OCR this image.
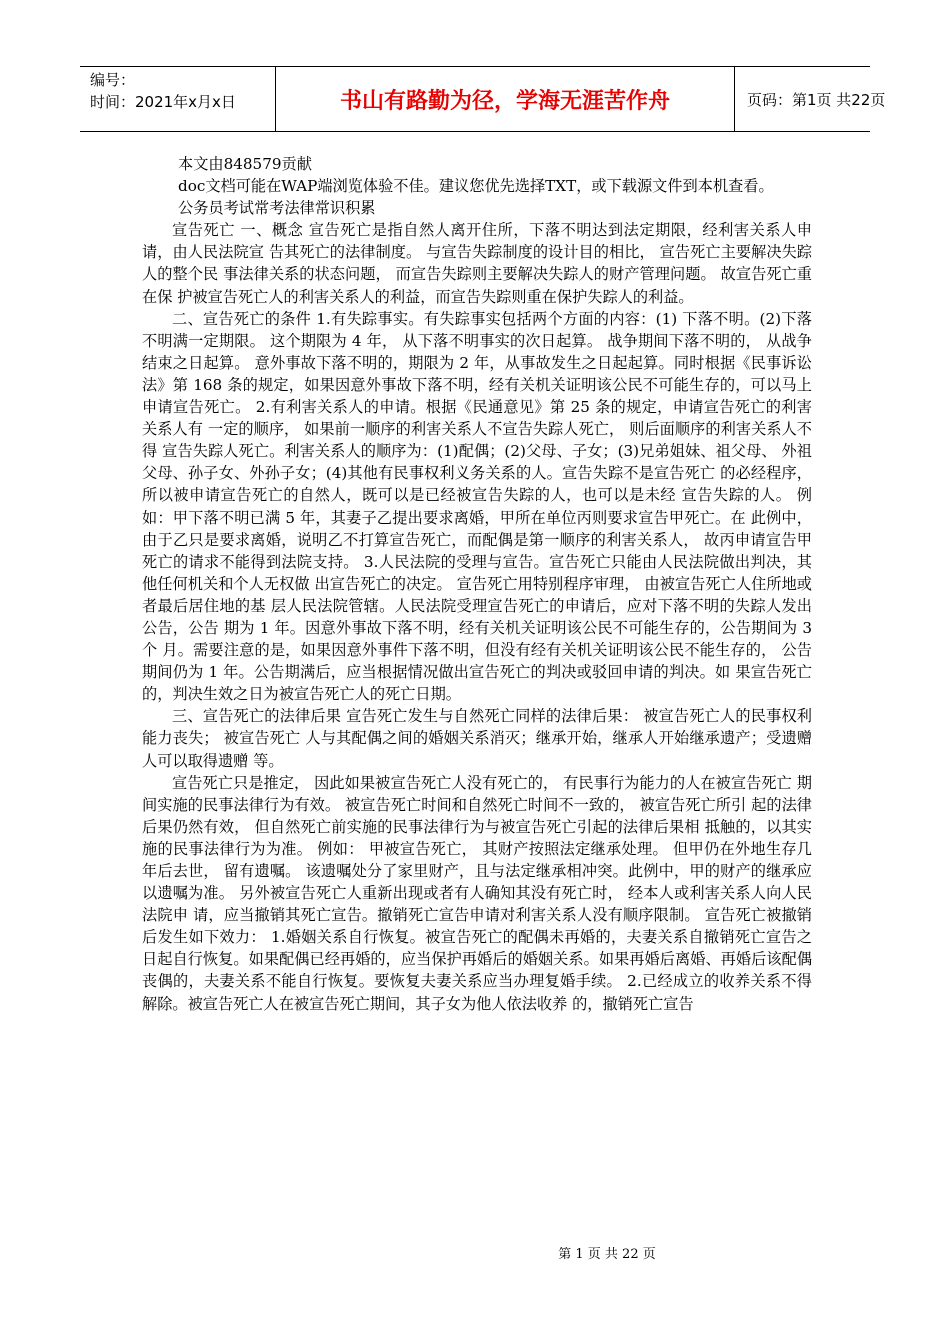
编号：
时间：2021年x月x日	书山有路勤为径，学海无涯苦作舟	页码：第1页 共22页

本文由848579贡献

doc文档可能在WAP端浏览体验不佳。建议您优先选择TXT，或下载源文件到本机查看。

公务员考试常考法律常识积累

宣告死亡 一、概念 宣告死亡是指自然人离开住所，下落不明达到法定期限，经利害关系人申请，由人民法院宣 告其死亡的法律制度。 与宣告失踪制度的设计目的相比， 宣告死亡主要解决失踪人的整个民 事法律关系的状态问题， 而宣告失踪则主要解决失踪人的财产管理问题。 故宣告死亡重在保 护被宣告死亡人的利害关系人的利益，而宣告失踪则重在保护失踪人的利益。

二、宣告死亡的条件 1.有失踪事实。有失踪事实包括两个方面的内容：(1) 下落不明。(2)下落不明满一定期限。 这个期限为 4 年， 从下落不明事实的次日起算。 战争期间下落不明的， 从战争结束之日起算。 意外事故下落不明的，期限为 2 年，从事故发生之日起起算。同时根据《民事诉讼法》第 168 条的规定，如果因意外事故下落不明，经有关机关证明该公民不可能生存的，可以马上 申请宣告死亡。 2.有利害关系人的申请。根据《民通意见》第 25 条的规定，申请宣告死亡的利害关系人有 一定的顺序， 如果前一顺序的利害关系人不宣告失踪人死亡， 则后面顺序的利害关系人不得 宣告失踪人死亡。利害关系人的顺序为：(1)配偶；(2)父母、子女；(3)兄弟姐妹、祖父母、 外祖父母、孙子女、外孙子女；(4)其他有民事权利义务关系的人。宣告失踪不是宣告死亡 的必经程序，所以被申请宣告死亡的自然人，既可以是已经被宣告失踪的人，也可以是未经 宣告失踪的人。 例如：甲下落不明已满 5 年，其妻子乙提出要求离婚，甲所在单位丙则要求宣告甲死亡。在 此例中，由于乙只是要求离婚，说明乙不打算宣告死亡，而配偶是第一顺序的利害关系人， 故丙申请宣告甲死亡的请求不能得到法院支持。 3.人民法院的受理与宣告。宣告死亡只能由人民法院做出判决，其他任何机关和个人无权做 出宣告死亡的决定。 宣告死亡用特别程序审理， 由被宣告死亡人住所地或者最后居住地的基 层人民法院管辖。人民法院受理宣告死亡的申请后，应对下落不明的失踪人发出公告，公告 期为 1 年。因意外事故下落不明，经有关机关证明该公民不可能生存的，公告期间为 3 个 月。需要注意的是，如果因意外事件下落不明，但没有经有关机关证明该公民不能生存的， 公告期间仍为 1 年。公告期满后，应当根据情况做出宣告死亡的判决或驳回申请的判决。如 果宣告死亡的，判决生效之日为被宣告死亡人的死亡日期。

三、宣告死亡的法律后果 宣告死亡发生与自然死亡同样的法律后果： 被宣告死亡人的民事权利能力丧失； 被宣告死亡 人与其配偶之间的婚姻关系消灭；继承开始，继承人开始继承遗产；受遗赠人可以取得遗赠 等。

宣告死亡只是推定， 因此如果被宣告死亡人没有死亡的， 有民事行为能力的人在被宣告死亡 期间实施的民事法律行为有效。 被宣告死亡时间和自然死亡时间不一致的， 被宣告死亡所引 起的法律后果仍然有效， 但自然死亡前实施的民事法律行为与被宣告死亡引起的法律后果相 抵触的，以其实施的民事法律行为为准。 例如： 甲被宣告死亡， 其财产按照法定继承处理。 但甲仍在外地生存几年后去世， 留有遗嘱。 该遗嘱处分了家里财产，且与法定继承相冲突。此例中，甲的财产的继承应以遗嘱为准。 另外被宣告死亡人重新出现或者有人确知其没有死亡时， 经本人或利害关系人向人民法院申 请，应当撤销其死亡宣告。撤销死亡宣告申请对利害关系人没有顺序限制。 宣告死亡被撤销后发生如下效力： 1.婚姻关系自行恢复。被宣告死亡的配偶未再婚的，夫妻关系自撤销死亡宣告之日起自行恢复。如果配偶已经再婚的，应当保护再婚后的婚姻关系。如果再婚后离婚、再婚后该配偶丧偶的，夫妻关系不能自行恢复。要恢复夫妻关系应当办理复婚手续。 2.已经成立的收养关系不得解除。被宣告死亡人在被宣告死亡期间，其子女为他人依法收养 的，撤销死亡宣告

第 1 页 共 22 页
